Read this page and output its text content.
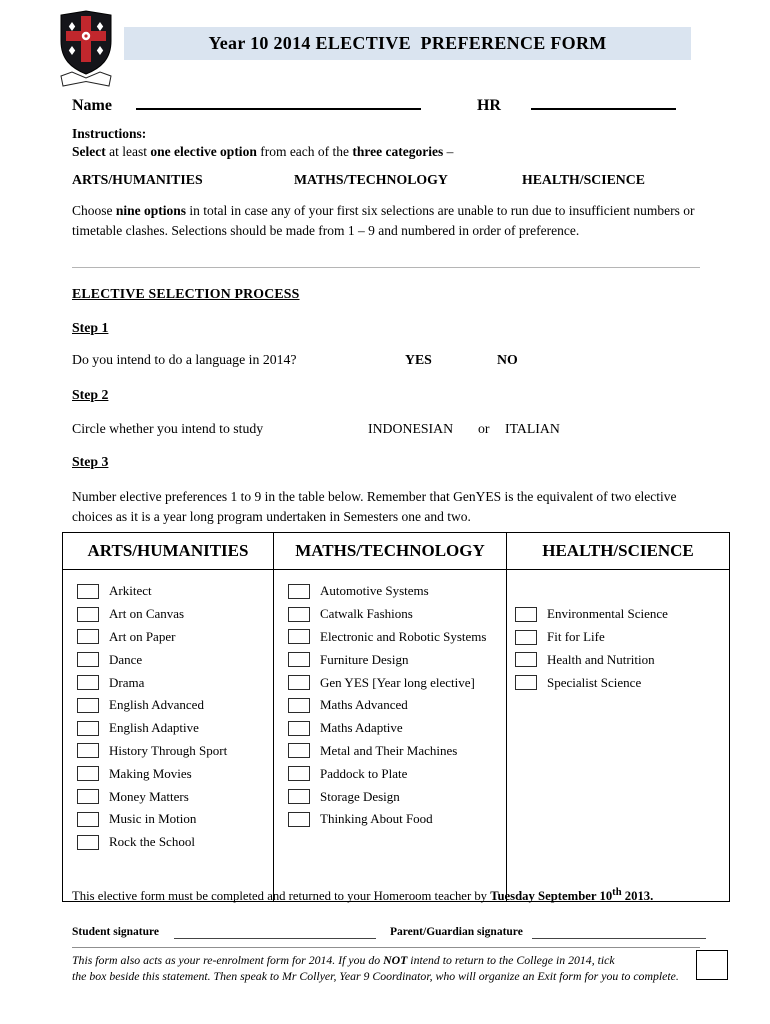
Year 10 2014 ELECTIVE  PREFERENCE FORM
Name	HR
Instructions:
Select at least one elective option from each of the three categories –
ARTS/HUMANITIES	MATHS/TECHNOLOGY	HEALTH/SCIENCE
Choose nine options in total in case any of your first six selections are unable to run due to insufficient numbers or timetable clashes. Selections should be made from 1 – 9 and numbered in order of preference.
ELECTIVE SELECTION PROCESS
Step 1
Do you intend to do a language in 2014?	YES	NO
Step 2
Circle whether you intend to study	INDONESIAN or ITALIAN
Step 3
Number elective preferences 1 to 9 in the table below. Remember that GenYES is the equivalent of two elective choices as it is a year long program undertaken in Semesters one and two.
ARTS/HUMANITIES	MATHS/TECHNOLOGY	HEALTH/SCIENCE

Arkitect
Art on Canvas
Art on Paper
Dance
Drama
English Advanced
English Adaptive
History Through Sport
Making Movies
Money Matters
Music in Motion
Rock the School

Automotive Systems
Catwalk Fashions
Electronic and Robotic Systems
Furniture Design
Gen YES [Year long elective]
Maths Advanced
Maths Adaptive
Metal and Their Machines
Paddock to Plate
Storage Design
Thinking About Food

Environmental Science
Fit for Life
Health and Nutrition
Specialist Science
This elective form must be completed and returned to your Homeroom teacher by Tuesday September 10th 2013.
Student signature	Parent/Guardian signature
This form also acts as your re-enrolment form for 2014. If you do NOT intend to return to the College in 2014, tick
the box beside this statement. Then speak to Mr Collyer, Year 9 Coordinator, who will organize an Exit form for you to complete.
